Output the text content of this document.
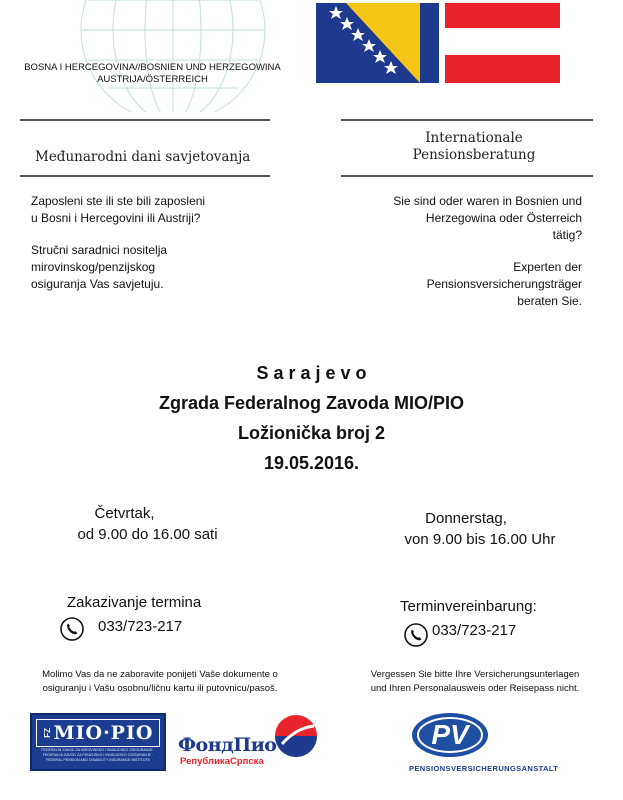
BOSNA I HERCEGOVINA//BOSNIEN UND HERZEGOWINA
AUSTRIJA/ÖSTERREICH
Međunarodni dani savjetovanja
Internationale
Pensionsberatung
Zaposleni ste ili ste bili zaposleni
u Bosni i Hercegovini ili Austriji?
Stručni saradnici nositelja
mirovinskog/penzijskog
osiguranja Vas savjetuju.
Sie sind oder waren in Bosnien und
Herzegowina oder Österreich
tätig?
Experten der
Pensionsversicherungsträger
beraten Sie.
S a r a j e v o
Zgrada Federalnog Zavoda MIO/PIO
Ložionička broj 2
19.05.2016.
Četvrtak,
od 9.00 do 16.00 sati
Donnerstag,
von 9.00 bis 16.00 Uhr
Zakazivanje termina
033/723-217
Terminvereinbarung:
033/723-217
Molimo Vas da ne zaboravite ponijeti Vaše dokumente o
osiguranju i Vašu osobnu/ličnu kartu ili putovnicu/pasoš.
Vergessen Sie bitte Ihre Versicherungsunterlagen
und Ihren Personalausweis oder Reisepass nicht.
FZ MIO·PIO
FEDERALNI ZAVOD ZA MIROVINSKO I INVALIDSKO OSIGURANJE · FEDERALNI ZAVOD ZA PENZIJSKO I INVALIDSKO OSIGURANJE · FEDERAL PENSION AND DISABILITY INSURANCE INSTITUTE
ФондПио
РепубликаСрпска
PV
PENSIONSVERSICHERUNGSANSTALT
